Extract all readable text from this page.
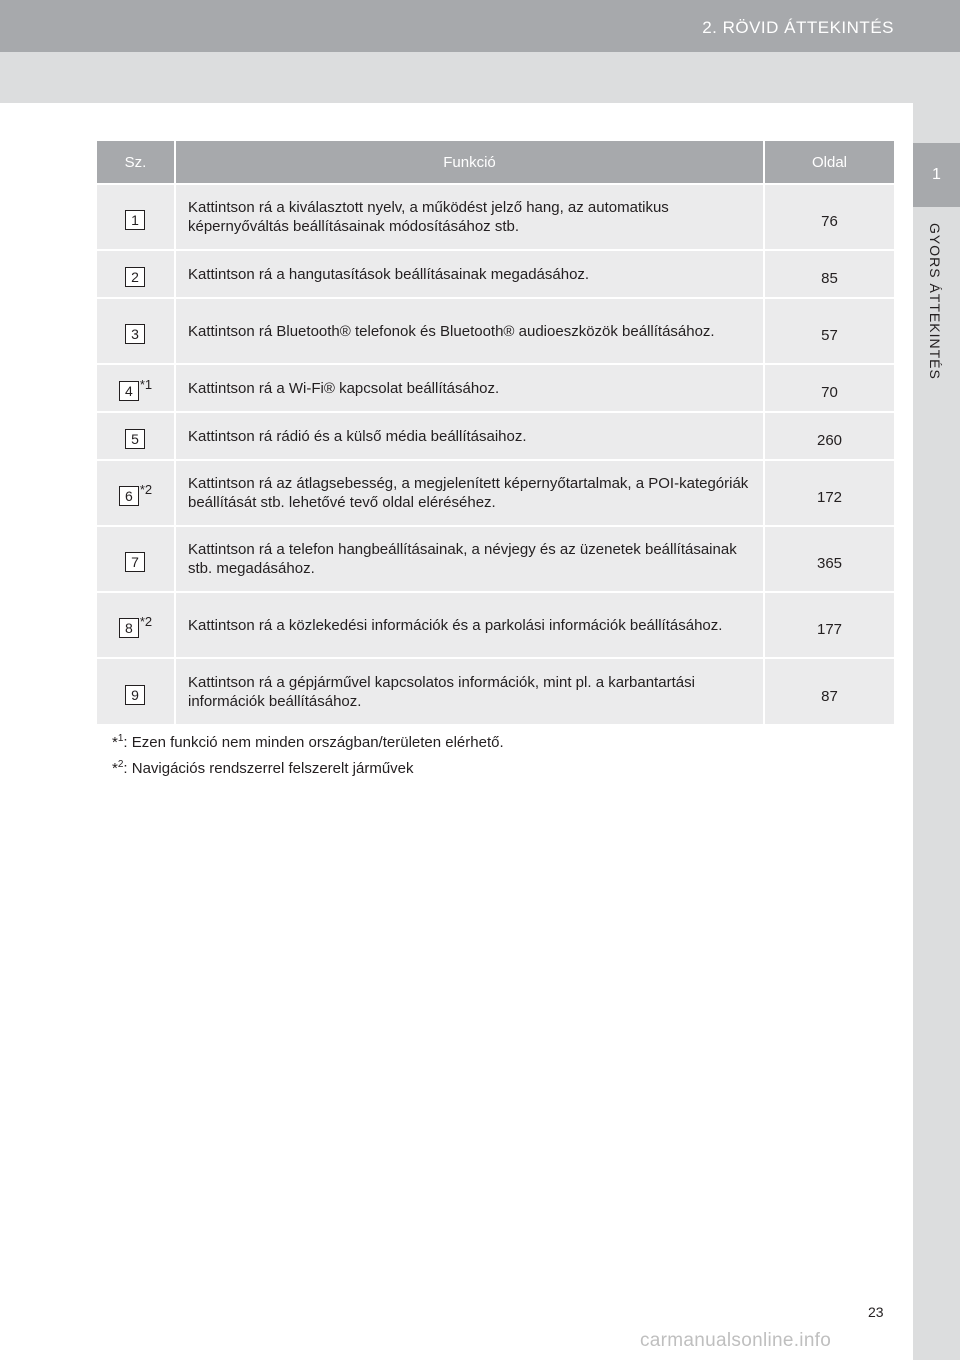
2. RÖVID ÁTTEKINTÉS
1
GYORS ÁTTEKINTÉS
Sz.	Funkció	Oldal
1	Kattintson rá a kiválasztott nyelv, a működést jelző hang, az automatikus képernyőváltás beállításainak módosításához stb.	76
2	Kattintson rá a hangutasítások beállításainak megadásához.	85
3	Kattintson rá Bluetooth® telefonok és Bluetooth® audioeszközök beállításához.	57
4 *1	Kattintson rá a Wi-Fi® kapcsolat beállításához.	70
5	Kattintson rá rádió és a külső média beállításaihoz.	260
6 *2	Kattintson rá az átlagsebesség, a megjelenített képernyőtartalmak, a POI-kategóriák beállítását stb. lehetővé tevő oldal eléréséhez.	172
7	Kattintson rá a telefon hangbeállításainak, a névjegy és az üzenetek beállításainak stb. megadásához.	365
8 *2	Kattintson rá a közlekedési információk és a parkolási információk beállításához.	177
9	Kattintson rá a gépjárművel kapcsolatos információk, mint pl. a karbantartási információk beállításához.	87
*$^1$: Ezen funkció nem minden országban/területen elérhető.
*$^2$: Navigációs rendszerrel felszerelt járművek
23
carmanualsonline.info
